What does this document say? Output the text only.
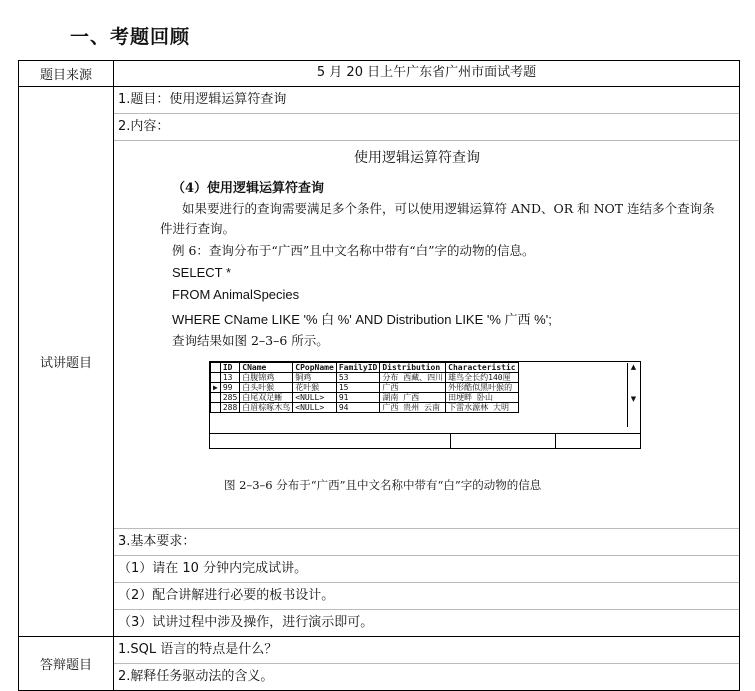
一、考题回顾
题目来源	5 月 20 日上午广东省广州市面试考题
试讲题目	
1.题目：使用逻辑运算符查询
2.内容：
使用逻辑运算符查询
（4）使用逻辑运算符查询
如果要进行的查询需要满足多个条件，可以使用逻辑运算符 AND、OR 和 NOT 连结多个查询条件进行查询。
例 6：查询分布于“广西”且中文名称中带有“白”字的动物的信息。
SELECT *
FROM AnimalSpecies
WHERE CName LIKE '% 白 %' AND Distribution LIKE '% 广西 %';
查询结果如图 2–3–6 所示。
	ID	CName	CPopName	FamilyID	Distribution	Characteristic
	13	白腹锦鸡	铜鸡	53	分布 西藏、四川	雄鸟全长约140厘
▶	99	白头叶猴	花叶猴	15	广西	外形酷似黑叶猴的
	285	白尾双足蜥	<NULL>	91	湖南 广西	田埂畔 卧山
	288	白眉棕啄木鸟	<NULL>	94	广西 贵州 云南	下雷水源林 大明
▲

▼
图 2–3–6 分布于“广西”且中文名称中带有“白”字的动物的信息
3.基本要求：
（1）请在 10 分钟内完成试讲。
（2）配合讲解进行必要的板书设计。
（3）试讲过程中涉及操作，进行演示即可。

答辩题目	
1.SQL 语言的特点是什么？
2.解释任务驱动法的含义。
